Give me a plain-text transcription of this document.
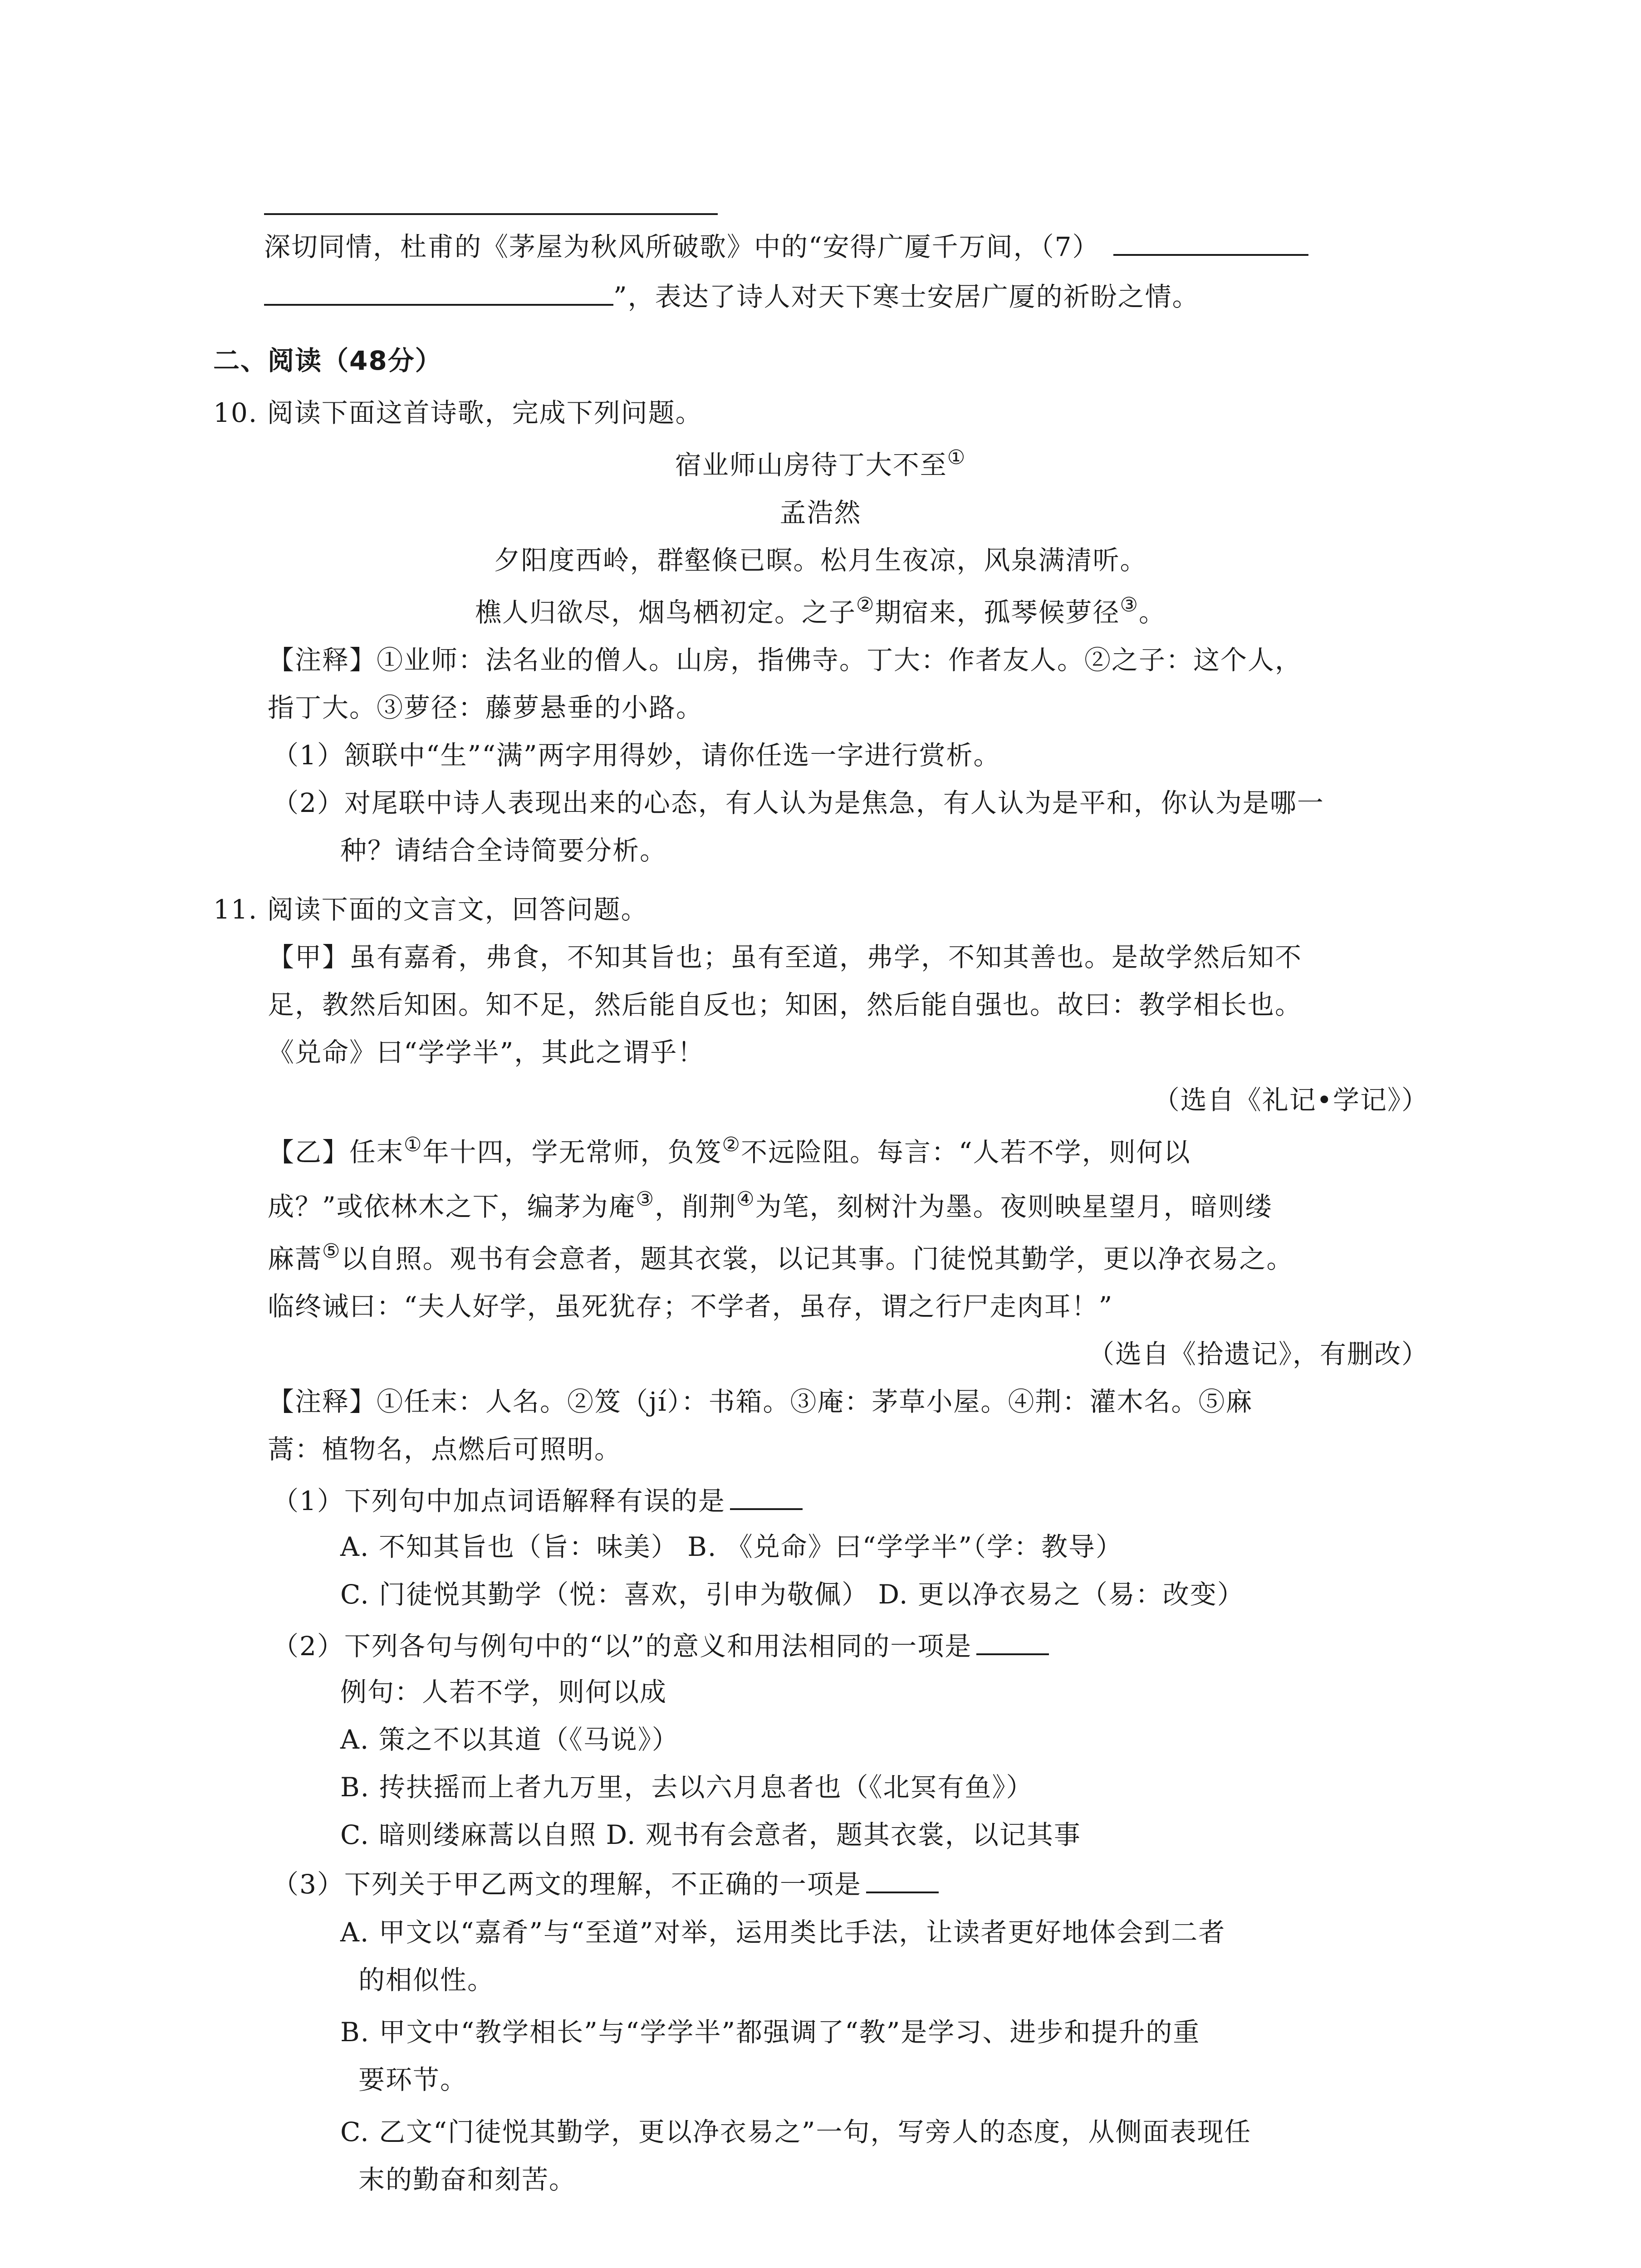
深切同情，杜甫的《茅屋为秋风所破歌》中的“安得广厦千万间，（7）
”，表达了诗人对天下寒士安居广厦的祈盼之情。
二、阅读（48分）
10. 阅读下面这首诗歌，完成下列问题。
宿业师山房待丁大不至①
孟浩然
夕阳度西岭，群壑倏已暝。松月生夜凉，风泉满清听。
樵人归欲尽，烟鸟栖初定。之子②期宿来，孤琴候萝径③。
【注释】①业师：法名业的僧人。山房，指佛寺。丁大：作者友人。②之子：这个人，
指丁大。③萝径：藤萝悬垂的小路。
（1）颔联中“生”“满”两字用得妙，请你任选一字进行赏析。
（2）对尾联中诗人表现出来的心态，有人认为是焦急，有人认为是平和，你认为是哪一
种？请结合全诗简要分析。
11. 阅读下面的文言文，回答问题。
【甲】虽有嘉肴，弗食，不知其旨也；虽有至道，弗学，不知其善也。是故学然后知不
足，教然后知困。知不足，然后能自反也；知困，然后能自强也。故曰：教学相长也。
《兑命》曰“学学半”，其此之谓乎！
（选自《礼记•学记》）
【乙】任末①年十四，学无常师，负笈②不远险阻。每言：“人若不学，则何以
成？”或依林木之下，编茅为庵③，削荆④为笔，刻树汁为墨。夜则映星望月，暗则缕
麻蒿⑤以自照。观书有会意者，题其衣裳，以记其事。门徒悦其勤学，更以净衣易之。
临终诫曰：“夫人好学，虽死犹存；不学者，虽存，谓之行尸走肉耳！”
（选自《拾遗记》，有删改）
【注释】①任末：人名。②笈（jí）：书箱。③庵：茅草小屋。④荆：灌木名。⑤麻
蒿：植物名，点燃后可照明。
（1）下列句中加点词语解释有误的是
A. 不知其旨也（旨：味美） B. 《兑命》曰“学学半”（学：教导）
C. 门徒悦其勤学（悦：喜欢，引申为敬佩） D. 更以净衣易之（易：改变）
（2）下列各句与例句中的“以”的意义和用法相同的一项是
例句：人若不学，则何以成
A. 策之不以其道（《马说》）
B. 抟扶摇而上者九万里，去以六月息者也（《北冥有鱼》）
C. 暗则缕麻蒿以自照 D. 观书有会意者，题其衣裳，以记其事
（3）下列关于甲乙两文的理解，不正确的一项是
A. 甲文以“嘉肴”与“至道”对举，运用类比手法，让读者更好地体会到二者
的相似性。
B. 甲文中“教学相长”与“学学半”都强调了“教”是学习、进步和提升的重
要环节。
C. 乙文“门徒悦其勤学，更以净衣易之”一句，写旁人的态度，从侧面表现任
末的勤奋和刻苦。
